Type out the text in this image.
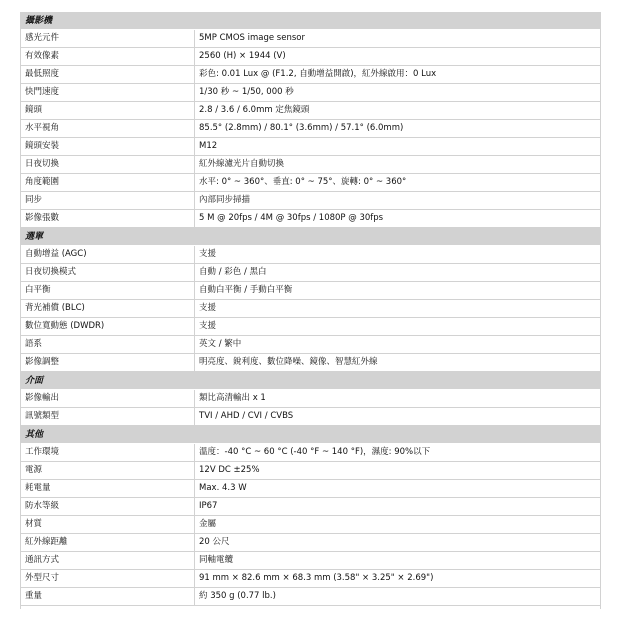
攝影機
感光元件	5MP CMOS image sensor
有效像素	2560 (H) × 1944 (V)
最低照度	彩色: 0.01 Lux @ (F1.2, 自動增益開啟)，紅外線啟用：0 Lux
快門速度	1/30 秒 ~ 1/50, 000 秒
鏡頭	2.8 / 3.6 / 6.0mm 定焦鏡頭
水平視角	85.5° (2.8mm) / 80.1° (3.6mm) / 57.1° (6.0mm)
鏡頭安裝	M12
日夜切換	紅外線濾光片自動切換
角度範圍	水平: 0° ~ 360°、垂直: 0° ~ 75°、旋轉: 0° ~ 360°
同步	內部同步掃描
影像張數	5 M @ 20fps / 4M @ 30fps / 1080P @ 30fps
選單
自動增益 (AGC)	支援
日夜切換模式	自動 / 彩色 / 黑白
白平衡	自動白平衡 / 手動白平衡
背光補償 (BLC)	支援
數位寬動態 (DWDR)	支援
語系	英文 / 繁中
影像調整	明亮度、銳利度、數位降噪、鏡像、智慧紅外線
介面
影像輸出	類比高清輸出 x 1
訊號類型	TVI / AHD / CVI / CVBS
其他
工作環境	溫度：-40 °C ~ 60 °C (-40 °F ~ 140 °F)，濕度: 90%以下
電源	12V DC ±25%
耗電量	Max. 4.3 W
防水等級	IP67
材質	金屬
紅外線距離	20 公尺
通訊方式	同軸電纜
外型尺寸	91 mm × 82.6 mm × 68.3 mm (3.58" × 3.25" × 2.69")
重量	約 350 g (0.77 lb.)
